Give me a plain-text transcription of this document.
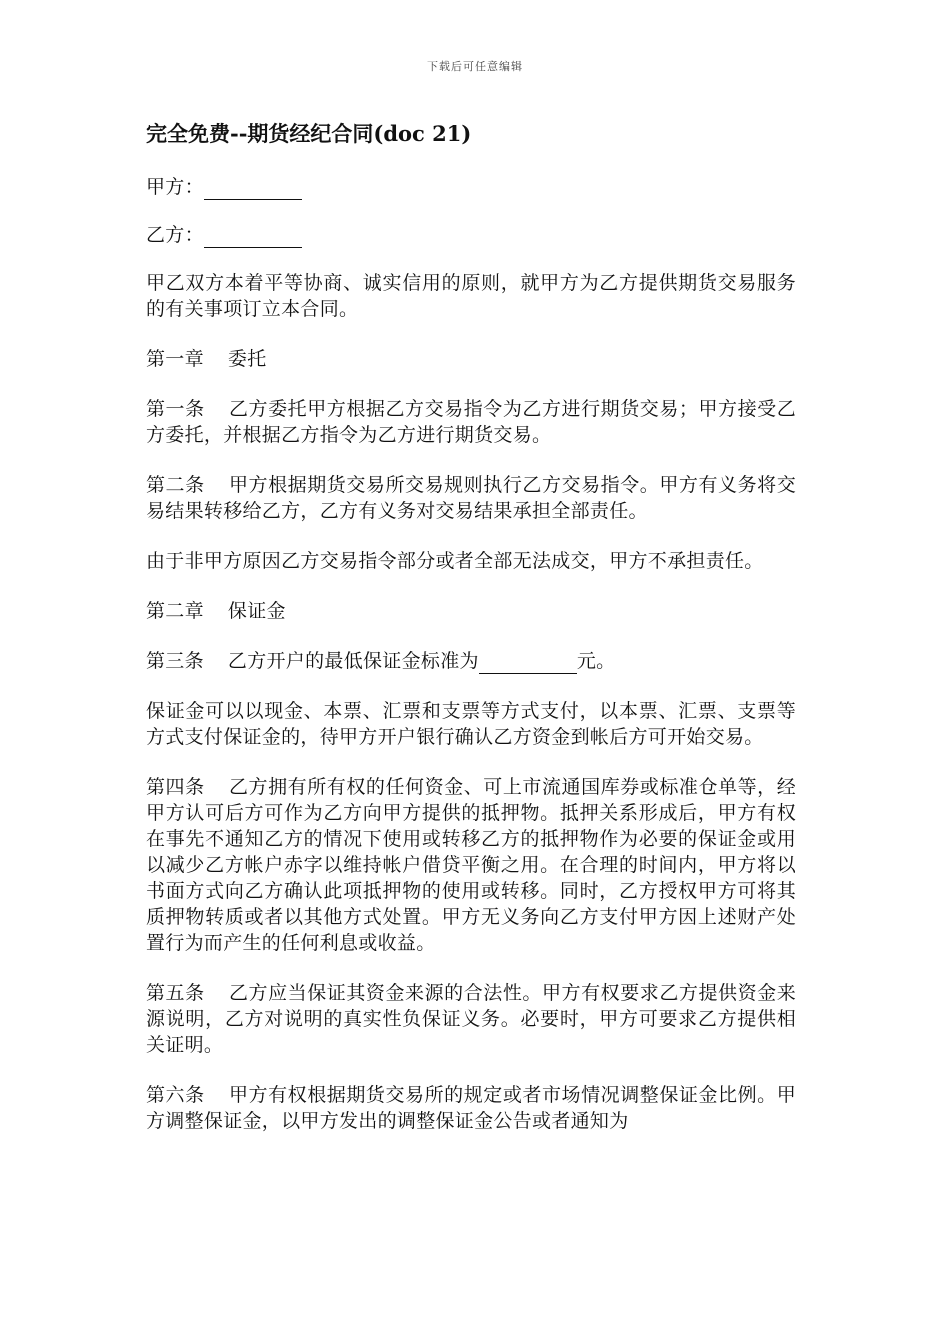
下载后可任意编辑
完全免费--期货经纪合同(doc 21)
甲方：
乙方：
甲乙双方本着平等协商、诚实信用的原则，就甲方为乙方提供期货交易服务的有关事项订立本合同。
第一章 委托
第一条 乙方委托甲方根据乙方交易指令为乙方进行期货交易；甲方接受乙方委托，并根据乙方指令为乙方进行期货交易。
第二条 甲方根据期货交易所交易规则执行乙方交易指令。甲方有义务将交易结果转移给乙方，乙方有义务对交易结果承担全部责任。
由于非甲方原因乙方交易指令部分或者全部无法成交，甲方不承担责任。
第二章 保证金
第三条 乙方开户的最低保证金标准为	元。
保证金可以以现金、本票、汇票和支票等方式支付，以本票、汇票、支票等方式支付保证金的，待甲方开户银行确认乙方资金到帐后方可开始交易。
第四条 乙方拥有所有权的任何资金、可上市流通国库券或标准仓单等，经甲方认可后方可作为乙方向甲方提供的抵押物。抵押关系形成后，甲方有权在事先不通知乙方的情况下使用或转移乙方的抵押物作为必要的保证金或用以减少乙方帐户赤字以维持帐户借贷平衡之用。在合理的时间内，甲方将以书面方式向乙方确认此项抵押物的使用或转移。同时，乙方授权甲方可将其质押物转质或者以其他方式处置。甲方无义务向乙方支付甲方因上述财产处置行为而产生的任何利息或收益。
第五条 乙方应当保证其资金来源的合法性。甲方有权要求乙方提供资金来源说明，乙方对说明的真实性负保证义务。必要时，甲方可要求乙方提供相关证明。
第六条 甲方有权根据期货交易所的规定或者市场情况调整保证金比例。甲方调整保证金，以甲方发出的调整保证金公告或者通知为
